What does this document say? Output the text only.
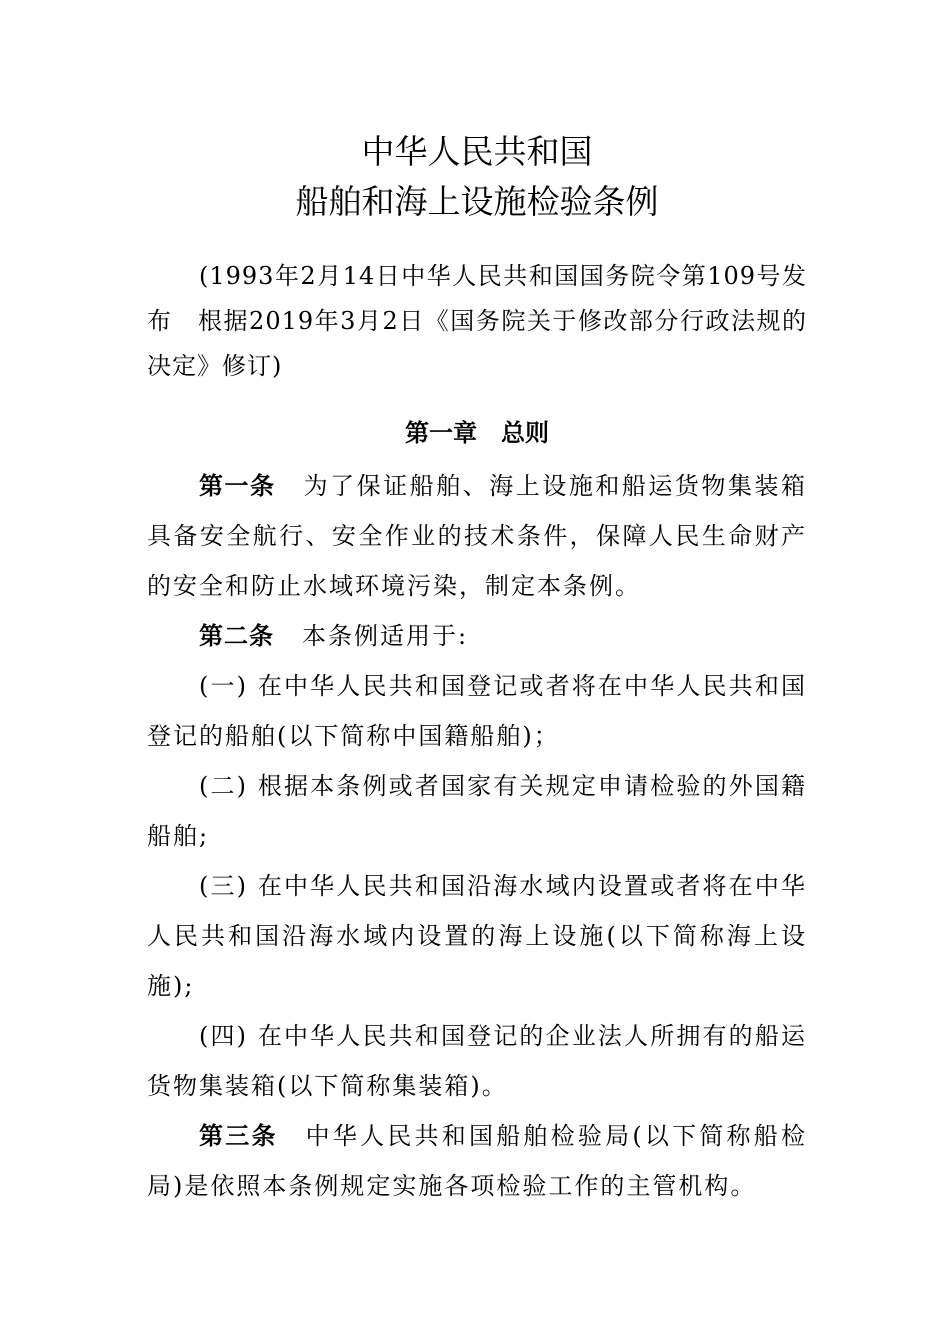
中华人民共和国
船舶和海上设施检验条例

(1993年2月14日中华人民共和国国务院令第109号发布　根据2019年3月2日《国务院关于修改部分行政法规的决定》修订)

第一章　总则

第一条 为了保证船舶、海上设施和船运货物集装箱具备安全航行、安全作业的技术条件，保障人民生命财产的安全和防止水域环境污染，制定本条例。

第二条 本条例适用于:

(一) 在中华人民共和国登记或者将在中华人民共和国登记的船舶(以下简称中国籍船舶)；

(二) 根据本条例或者国家有关规定申请检验的外国籍船舶;

(三) 在中华人民共和国沿海水域内设置或者将在中华人民共和国沿海水域内设置的海上设施(以下简称海上设施);

(四) 在中华人民共和国登记的企业法人所拥有的船运货物集装箱(以下简称集装箱)。

第三条 中华人民共和国船舶检验局(以下简称船检局)是依照本条例规定实施各项检验工作的主管机构。
